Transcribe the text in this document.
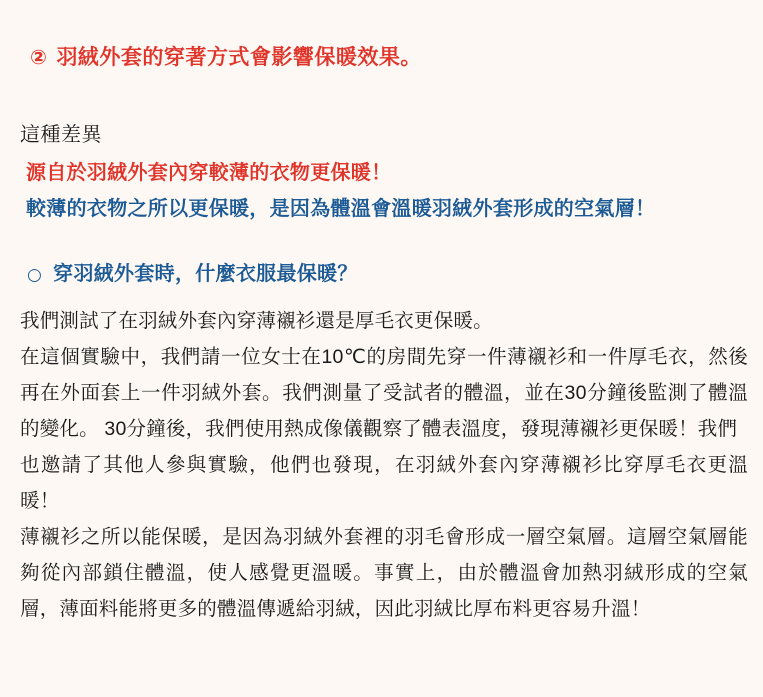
② 羽絨外套的穿著方式會影響保暖效果。
這種差異
源自於羽絨外套內穿較薄的衣物更保暖！
較薄的衣物之所以更保暖，是因為體溫會溫暖羽絨外套形成的空氣層！
○ 穿羽絨外套時，什麼衣服最保暖？

我們測試了在羽絨外套內穿薄襯衫還是厚毛衣更保暖。

在這個實驗中，我們請一位女士在10℃的房間先穿一件薄襯衫和一件厚毛衣，然後再在外面套上一件羽絨外套。我們測量了受試者的體溫，並在30分鐘後監測了體溫的變化。 30分鐘後，我們使用熱成像儀觀察了體表溫度，發現薄襯衫更保暖！我們

也邀請了其他人參與實驗，他們也發現，在羽絨外套內穿薄襯衫比穿厚毛衣更溫暖！

薄襯衫之所以能保暖，是因為羽絨外套裡的羽毛會形成一層空氣層。這層空氣層能夠從內部鎖住體溫，使人感覺更溫暖。事實上，由於體溫會加熱羽絨形成的空氣層，薄面料能將更多的體溫傳遞給羽絨，因此羽絨比厚布料更容易升溫！
